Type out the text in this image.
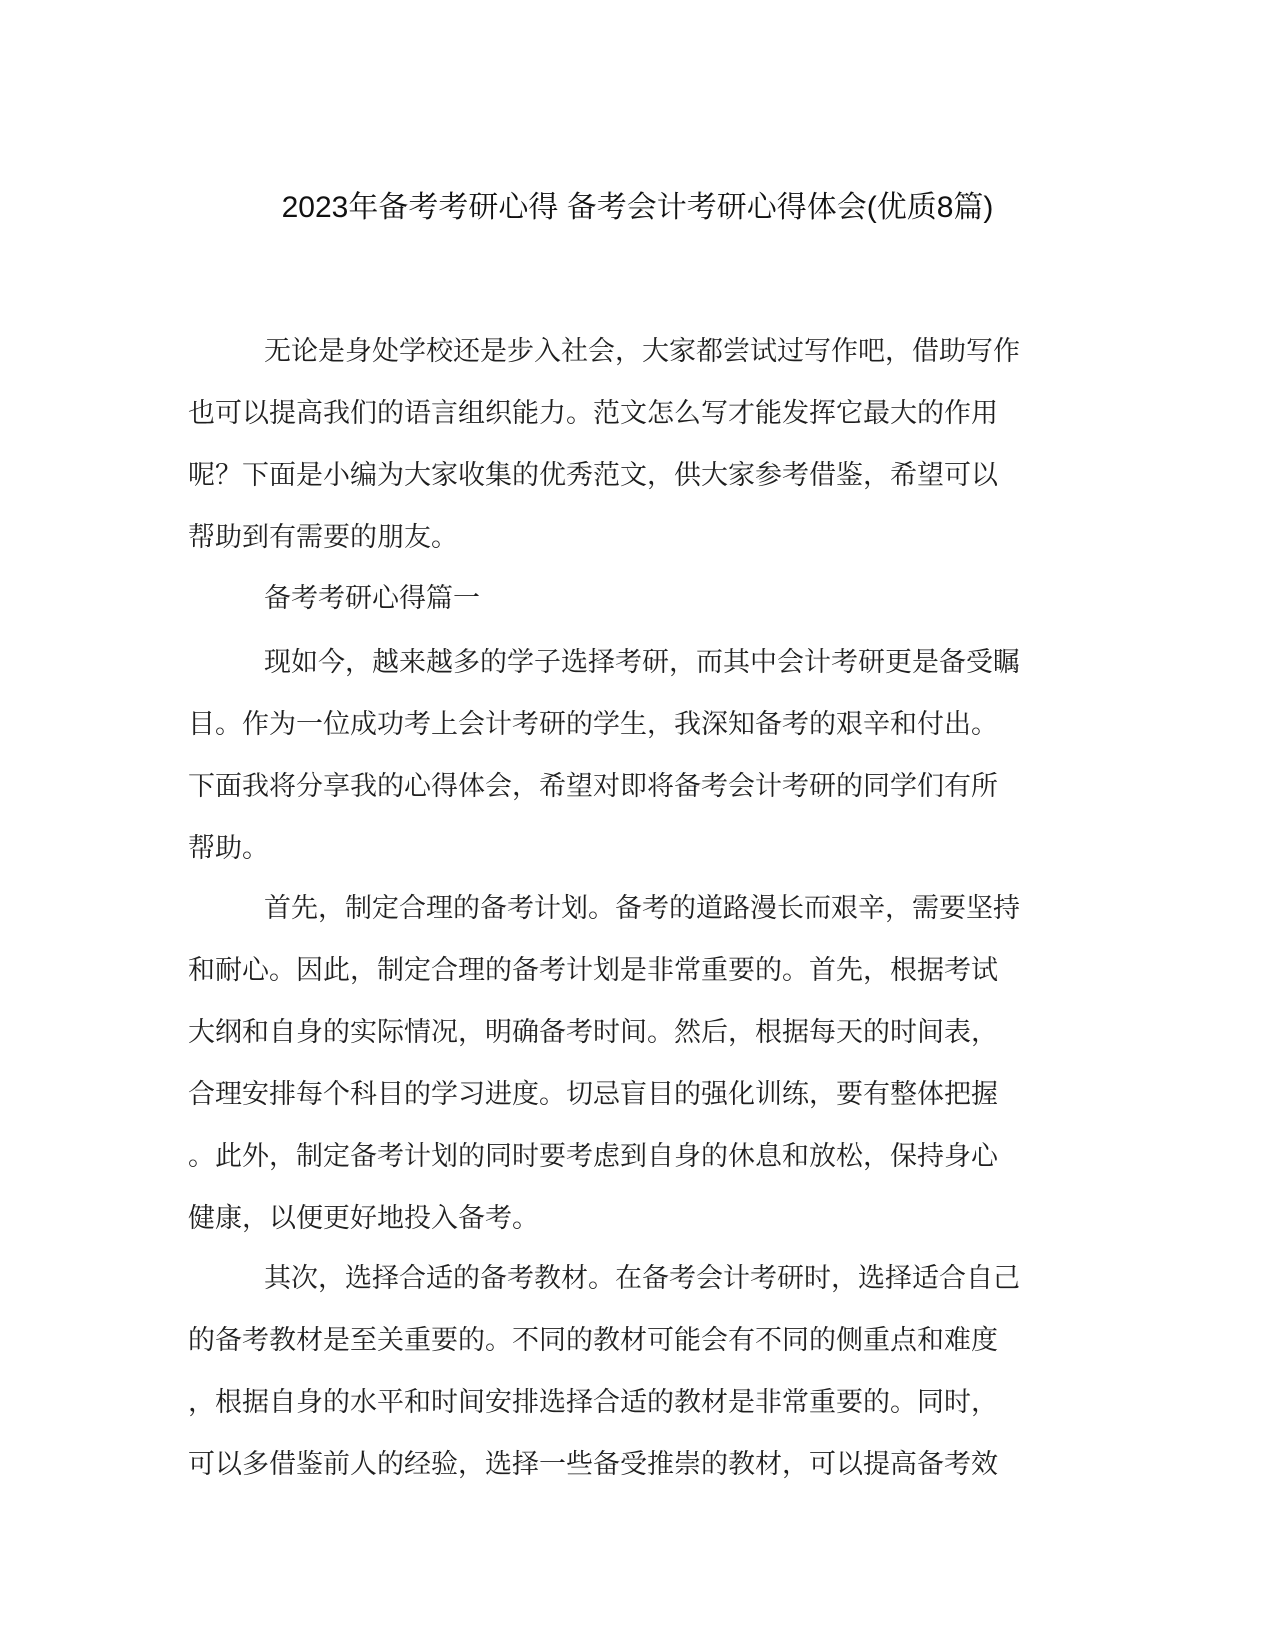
2023年备考考研心得 备考会计考研心得体会(优质8篇)
无论是身处学校还是步入社会，大家都尝试过写作吧，借助写作
也可以提高我们的语言组织能力。范文怎么写才能发挥它最大的作用
呢？下面是小编为大家收集的优秀范文，供大家参考借鉴，希望可以
帮助到有需要的朋友。
备考考研心得篇一
现如今，越来越多的学子选择考研，而其中会计考研更是备受瞩
目。作为一位成功考上会计考研的学生，我深知备考的艰辛和付出。
下面我将分享我的心得体会，希望对即将备考会计考研的同学们有所
帮助。
首先，制定合理的备考计划。备考的道路漫长而艰辛，需要坚持
和耐心。因此，制定合理的备考计划是非常重要的。首先，根据考试
大纲和自身的实际情况，明确备考时间。然后，根据每天的时间表，
合理安排每个科目的学习进度。切忌盲目的强化训练，要有整体把握
。此外，制定备考计划的同时要考虑到自身的休息和放松，保持身心
健康，以便更好地投入备考。
其次，选择合适的备考教材。在备考会计考研时，选择适合自己
的备考教材是至关重要的。不同的教材可能会有不同的侧重点和难度
，根据自身的水平和时间安排选择合适的教材是非常重要的。同时，
可以多借鉴前人的经验，选择一些备受推崇的教材，可以提高备考效
